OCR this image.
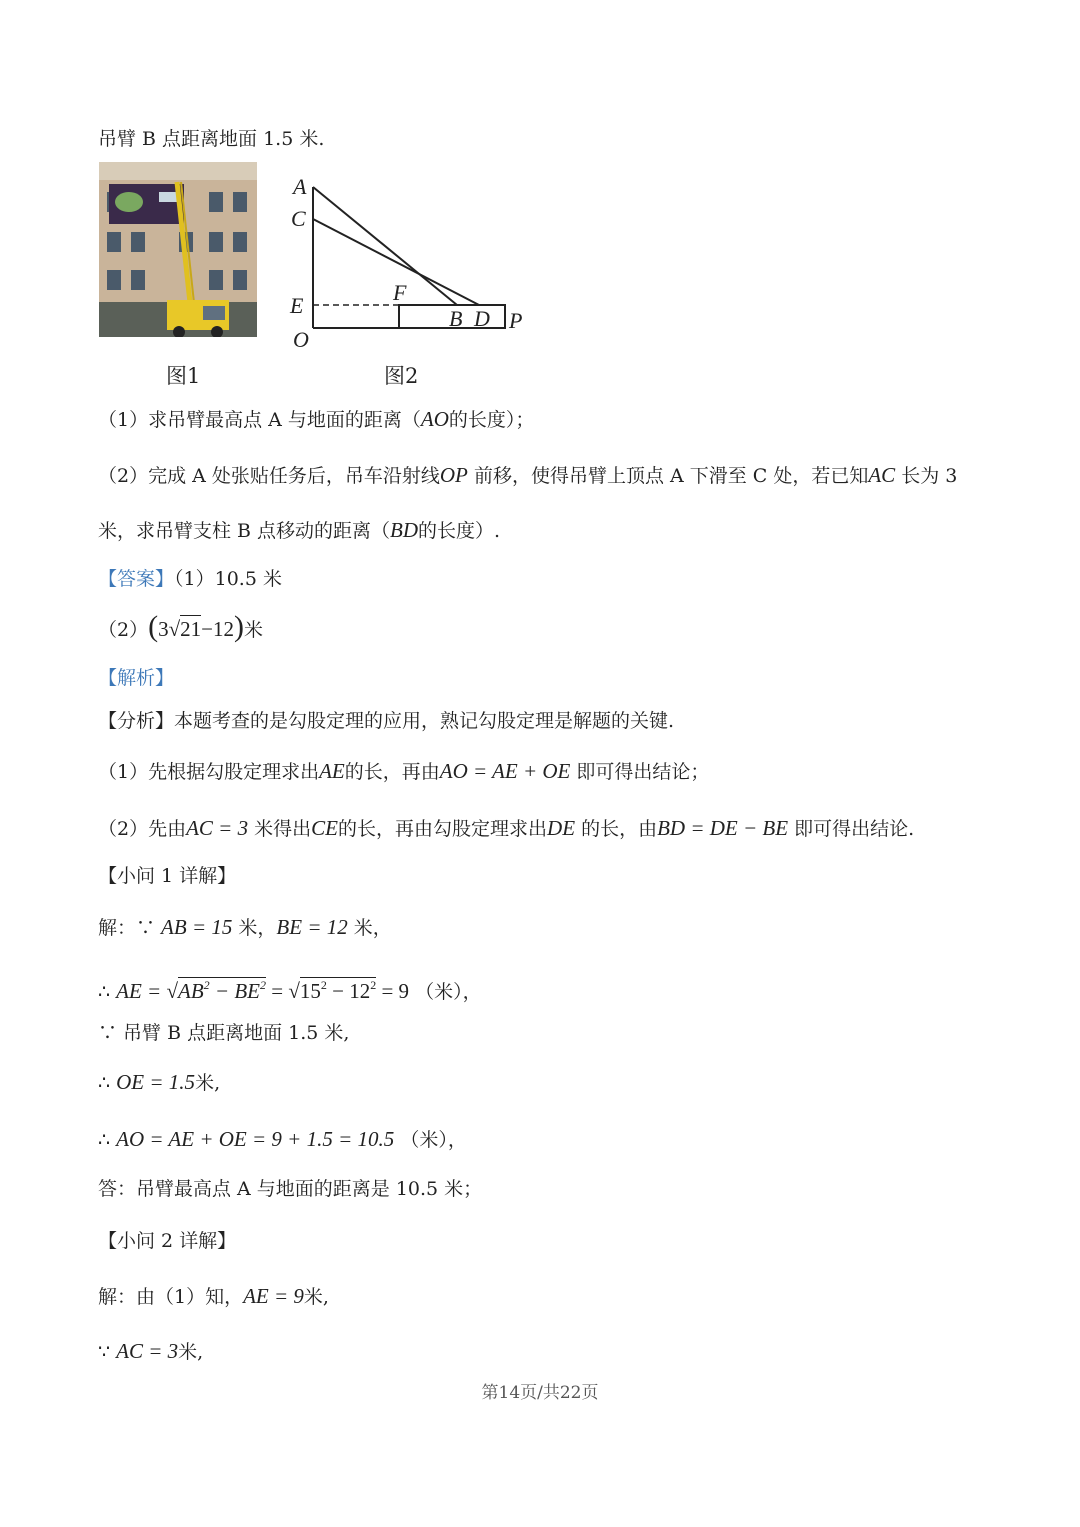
吊臂 B 点距离地面 1.5 米.
A
C
E
O
F
B D P
图1	图2
（1）求吊臂最高点 A 与地面的距离（AO的长度）；
（2）完成 A 处张贴任务后，吊车沿射线OP 前移，使得吊臂上顶点 A 下滑至 C 处，若已知AC 长为 3
米，求吊臂支柱 B 点移动的距离（BD的长度）.
【答案】（1）10.5 米
（2）(3√21−12)米
【解析】
【分析】本题考查的是勾股定理的应用，熟记勾股定理是解题的关键.
（1）先根据勾股定理求出AE的长，再由AO = AE + OE 即可得出结论；
（2）先由AC = 3 米得出CE的长，再由勾股定理求出DE 的长，由BD = DE − BE 即可得出结论.
【小问 1 详解】
解：∵ AB = 15 米，BE = 12 米，
∴ AE = $√AB^2 - BE^2 = √15^2 - 12^2 = 9$ （米），
∵ 吊臂 B 点距离地面 1.5 米,
∴ OE = 1.5米,
∴ AO = AE + OE = 9 + 1.5 = 10.5 （米），
答：吊臂最高点 A 与地面的距离是 10.5 米；
【小问 2 详解】
解：由（1）知，AE = 9米,
∵ AC = 3米,
第14页/共22页
